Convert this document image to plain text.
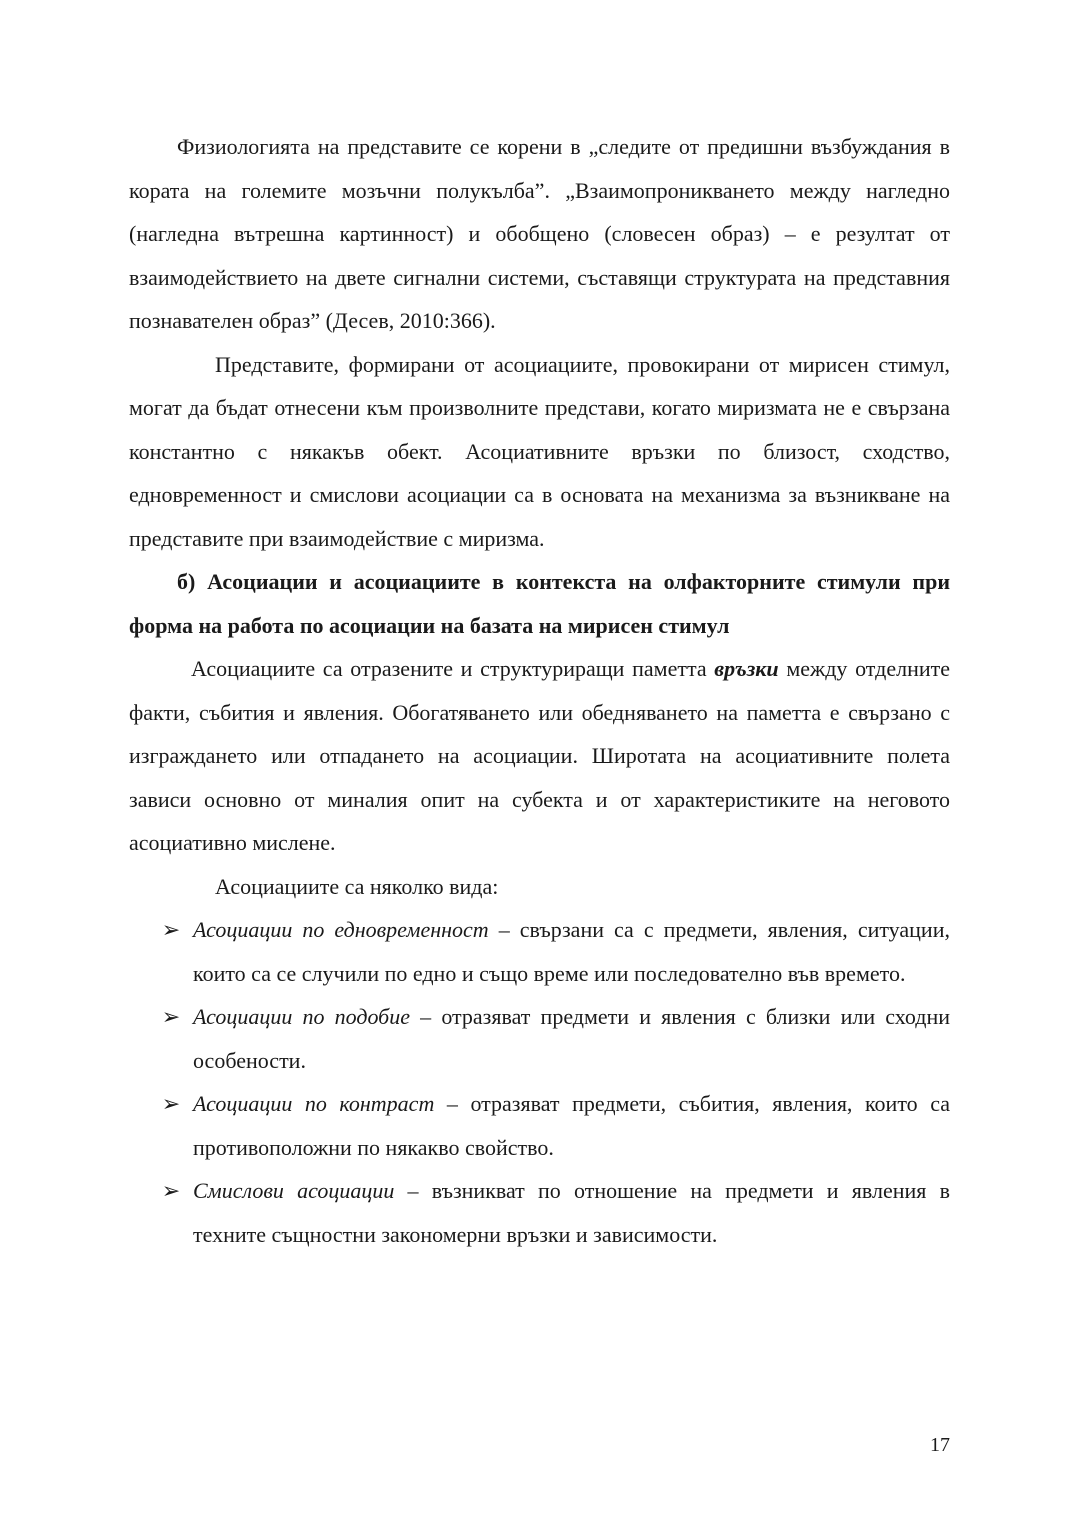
Физиологията на представите се корени в „следите от предишни възбуждания в кората на големите мозъчни полукълба”. „Взаимопроникването между нагледно (нагледна вътрешна картинност) и обобщено (словесен образ) – е резултат от взаимодействието на двете сигнални системи, съставящи структурата на представния познавателен образ” (Десев, 2010:366).

Представите, формирани от асоциациите, провокирани от мирисен стимул, могат да бъдат отнесени към произволните представи, когато миризмата не е свързана константно с някакъв обект. Асоциативните връзки по близост, сходство, едновременност и смислови асоциации са в основата на механизма за възникване на представите при взаимодействие с миризма.

б) Асоциации и асоциациите в контекста на олфакторните стимули при форма на работа по асоциации на базата на мирисен стимул

Асоциациите са отразените и структуриращи паметта връзки между отделните факти, събития и явления. Обогатяването или обедняването на паметта е свързано с изграждането или отпадането на асоциации. Широтата на асоциативните полета зависи основно от миналия опит на субекта и от характеристиките на неговото асоциативно мислене.

Асоциациите са няколко вида:

➢ Асоциации по едновременност – свързани са с предмети, явления, ситуации, които са се случили по едно и също време или последователно във времето.
➢ Асоциации по подобие – отразяват предмети и явления с близки или сходни особености.
➢ Асоциации по контраст – отразяват предмети, събития, явления, които са противоположни по някакво свойство.
➢ Смислови асоциации – възникват по отношение на предмети и явления в техните същностни закономерни връзки и зависимости.
17
